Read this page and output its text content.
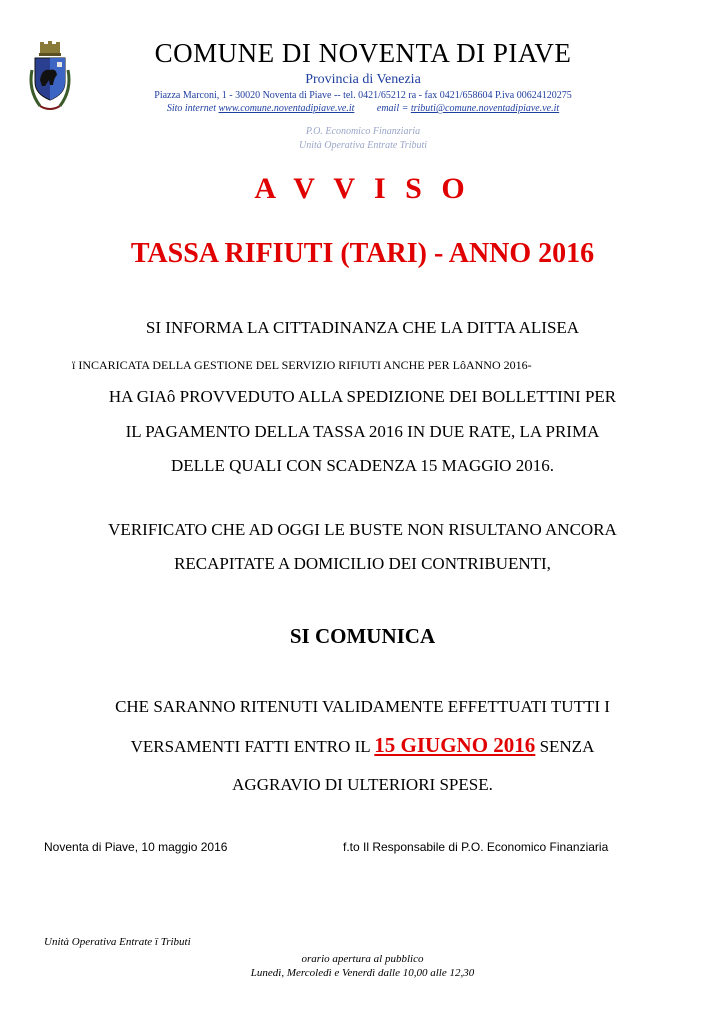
COMUNE DI NOVENTA DI PIAVE
Provincia di Venezia
Piazza Marconi, 1 - 30020 Noventa di Piave -- tel. 0421/65212 ra - fax 0421/658604 P.iva 00624120275
Sito internet www.comune.noventadipiave.ve.it email = tributi@comune.noventadipiave.ve.it
P.O. Economico Finanziaria
Unità Operativa Entrate Tributi
A V V I S O
TASSA RIFIUTI (TARI) - ANNO 2016
SI INFORMA LA CITTADINANZA CHE LA DITTA ALISEA
ï INCARICATA DELLA GESTIONE DEL SERVIZIO RIFIUTI ANCHE PER LôANNO 2016-
HA GIAô PROVVEDUTO ALLA SPEDIZIONE DEI BOLLETTINI PER
IL PAGAMENTO DELLA TASSA 2016 IN DUE RATE, LA PRIMA
DELLE QUALI CON SCADENZA 15 MAGGIO 2016.
VERIFICATO CHE AD OGGI LE BUSTE NON RISULTANO ANCORA
RECAPITATE A DOMICILIO DEI CONTRIBUENTI,
SI COMUNICA
CHE SARANNO RITENUTI VALIDAMENTE EFFETTUATI TUTTI I
VERSAMENTI FATTI ENTRO IL 15 GIUGNO 2016 SENZA
AGGRAVIO DI ULTERIORI SPESE.
Noventa di Piave, 10 maggio 2016	f.to Il Responsabile di P.O. Economico Finanziaria
Unità Operativa Entrate ï Tributi
orario apertura al pubblico
Lunedì, Mercoledì e Venerdì dalle 10,00 alle 12,30
